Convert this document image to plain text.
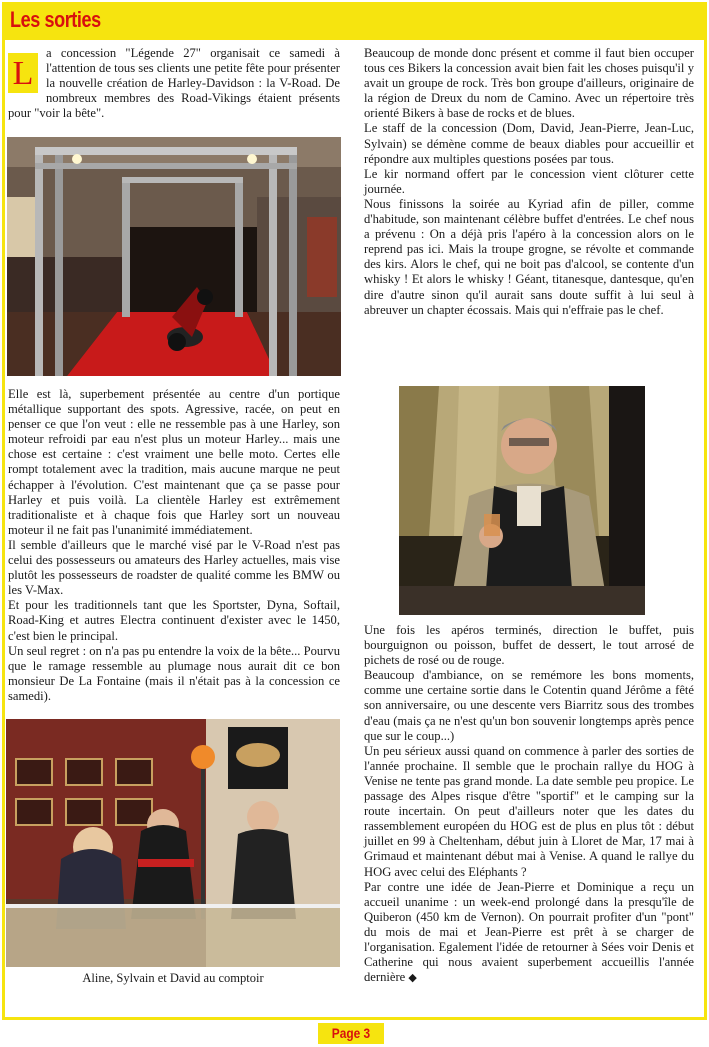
Les sorties
L

a concession "Légende 27" organisait ce samedi à l'attention de tous ses clients une petite fête pour présenter la nouvelle création de Harley-Davidson : la V-Road. De nombreux membres des Road-Vikings étaient présents pour "voir la bête".

Elle est là, superbement présentée au centre d'un portique métallique supportant des spots. Agressive, racée, on peut en penser ce que l'on veut : elle ne ressemble pas à une Harley, son moteur refroidi par eau n'est plus un moteur Harley... mais une chose est certaine : c'est vraiment une belle moto. Certes elle rompt totalement avec la tradition, mais aucune marque ne peut échapper à l'évolution. C'est maintenant que ça se passe pour Harley et puis voilà. La clientèle Harley est extrêmement traditionaliste et à chaque fois que Harley sort un nouveau moteur il ne fait pas l'unanimité immédiatement.

Il semble d'ailleurs que le marché visé par le V-Road n'est pas celui des possesseurs ou amateurs des Harley actuelles, mais vise plutôt les possesseurs de roadster de qualité comme les BMW ou les V-Max.

Et pour les traditionnels tant que les Sportster, Dyna, Softail, Road-King et autres Electra continuent d'exister avec le 1450, c'est bien le principal.

Un seul regret : on n'a pas pu entendre la voix de la bête... Pourvu que le ramage ressemble au plumage nous aurait dit ce bon monsieur De La Fontaine (mais il n'était pas à la concession ce samedi).

Aline, Sylvain et David au comptoir

Beaucoup de monde donc présent et comme il faut bien occuper tous ces Bikers la concession avait bien fait les choses puisqu'il y avait un groupe de rock. Très bon groupe d'ailleurs, originaire de la région de Dreux du nom de Camino. Avec un répertoire très orienté Bikers à base de rocks et de blues.

Le staff de la concession (Dom, David, Jean-Pierre, Jean-Luc, Sylvain) se démène comme de beaux diables pour accueillir et répondre aux multiples questions posées par tous.

Le kir normand offert par le concession vient clôturer cette journée.

Nous finissons la soirée au Kyriad afin de piller, comme d'habitude, son maintenant célèbre buffet d'entrées. Le chef nous a prévenu : On a déjà pris l'apéro à la concession alors on le reprend pas ici. Mais la troupe grogne, se révolte et commande des kirs. Alors le chef, qui ne boit pas d'alcool, se contente d'un whisky ! Et alors le whisky ! Géant, titanesque, dantesque, qu'en dire d'autre sinon qu'il aurait sans doute suffit à lui seul à abreuver un chapter écossais. Mais qui n'effraie pas le chef.

Une fois les apéros terminés, direction le buffet, puis bourguignon ou poisson, buffet de dessert, le tout arrosé de pichets de rosé ou de rouge.

Beaucoup d'ambiance, on se remémore les bons moments, comme une certaine sortie dans le Cotentin quand Jérôme a fêté son anniversaire, ou une descente vers Biarritz sous des trombes d'eau (mais ça ne n'est qu'un bon souvenir longtemps après pence que sur le coup...)

Un peu sérieux aussi quand on commence à parler des sorties de l'année prochaine. Il semble que le prochain rallye du HOG à Venise ne tente pas grand monde. La date semble peu propice. Le passage des Alpes risque d'être "sportif" et le camping sur la route incertain. On peut d'ailleurs noter que les dates du rassemblement européen du HOG est de plus en plus tôt : début juillet en 99 à Cheltenham, début juin à Lloret de Mar, 17 mai à Grimaud et maintenant début mai à Venise. A quand le rallye du HOG avec celui des Eléphants ?

Par contre une idée de Jean-Pierre et Dominique a reçu un accueil unanime : un week-end prolongé dans la presqu'île de Quiberon (450 km de Vernon). On pourrait profiter d'un "pont" du mois de mai et Jean-Pierre est prêt à se charger de l'organisation. Egalement l'idée de retourner à Sées voir Denis et Catherine qui nous avaient superbement accueillis l'année dernière ◆

Page 3
